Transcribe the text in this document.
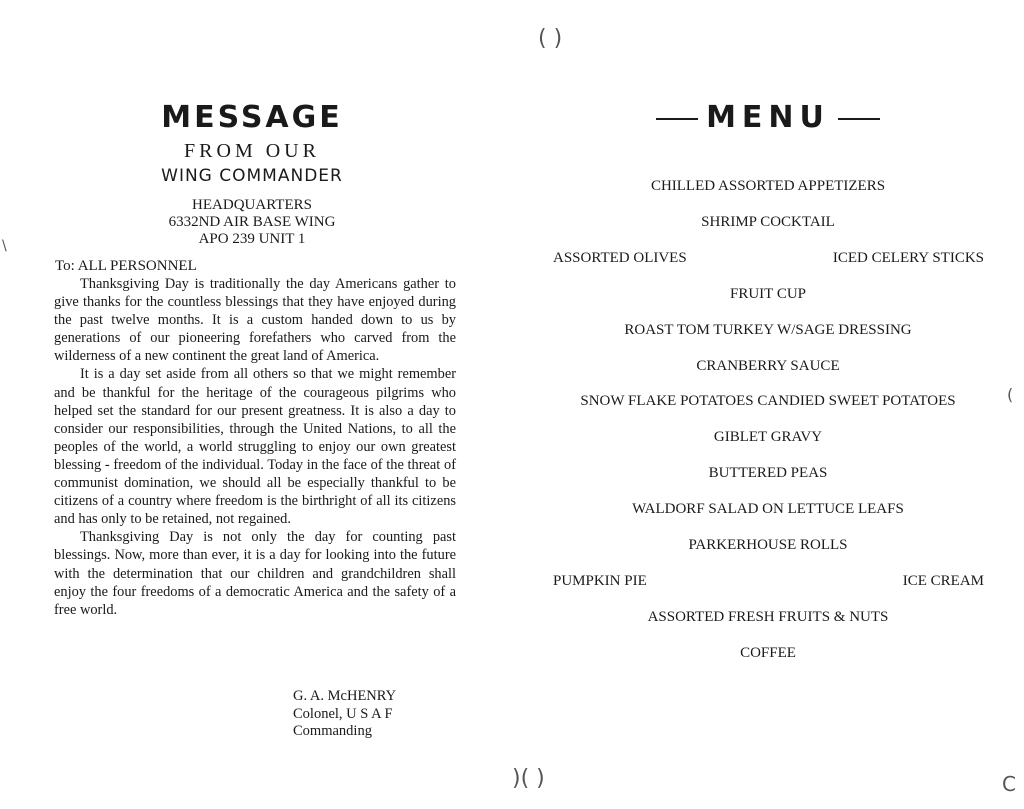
MESSAGE
FROM OUR
WING COMMANDER
HEADQUARTERS
6332ND AIR BASE WING
APO 239 UNIT 1
To: ALL PERSONNEL

Thanksgiving Day is traditionally the day Americans gather to give thanks for the countless blessings that they have enjoyed during the past twelve months. It is a custom handed down to us by generations of our pioneering forefathers who carved from the wilderness of a new continent the great land of America.

It is a day set aside from all others so that we might remember and be thankful for the heritage of the courageous pilgrims who helped set the standard for our present greatness. It is also a day to consider our responsibilities, through the United Nations, to all the peoples of the world, a world struggling to enjoy our own greatest blessing - freedom of the individual. Today in the face of the threat of communist domination, we should all be especially thankful to be citizens of a country where freedom is the birthright of all its citizens and has only to be retained, not regained.

Thanksgiving Day is not only the day for counting past blessings. Now, more than ever, it is a day for looking into the future with the determination that our children and grandchildren shall enjoy the four freedoms of a democratic America and the safety of a free world.

G. A. McHENRY
Colonel, U S A F
Commanding
\
MENU
CHILLED ASSORTED APPETIZERS
SHRIMP COCKTAIL
ASSORTED OLIVES	ICED CELERY STICKS
FRUIT CUP
ROAST TOM TURKEY W/SAGE DRESSING
CRANBERRY SAUCE
SNOW FLAKE POTATOES CANDIED SWEET POTATOES
GIBLET GRAVY
BUTTERED PEAS
WALDORF SALAD ON LETTUCE LEAFS
PARKERHOUSE ROLLS
PUMPKIN PIE	ICE CREAM
ASSORTED FRESH FRUITS & NUTS
COFFEE
( )
)( )
(
C
